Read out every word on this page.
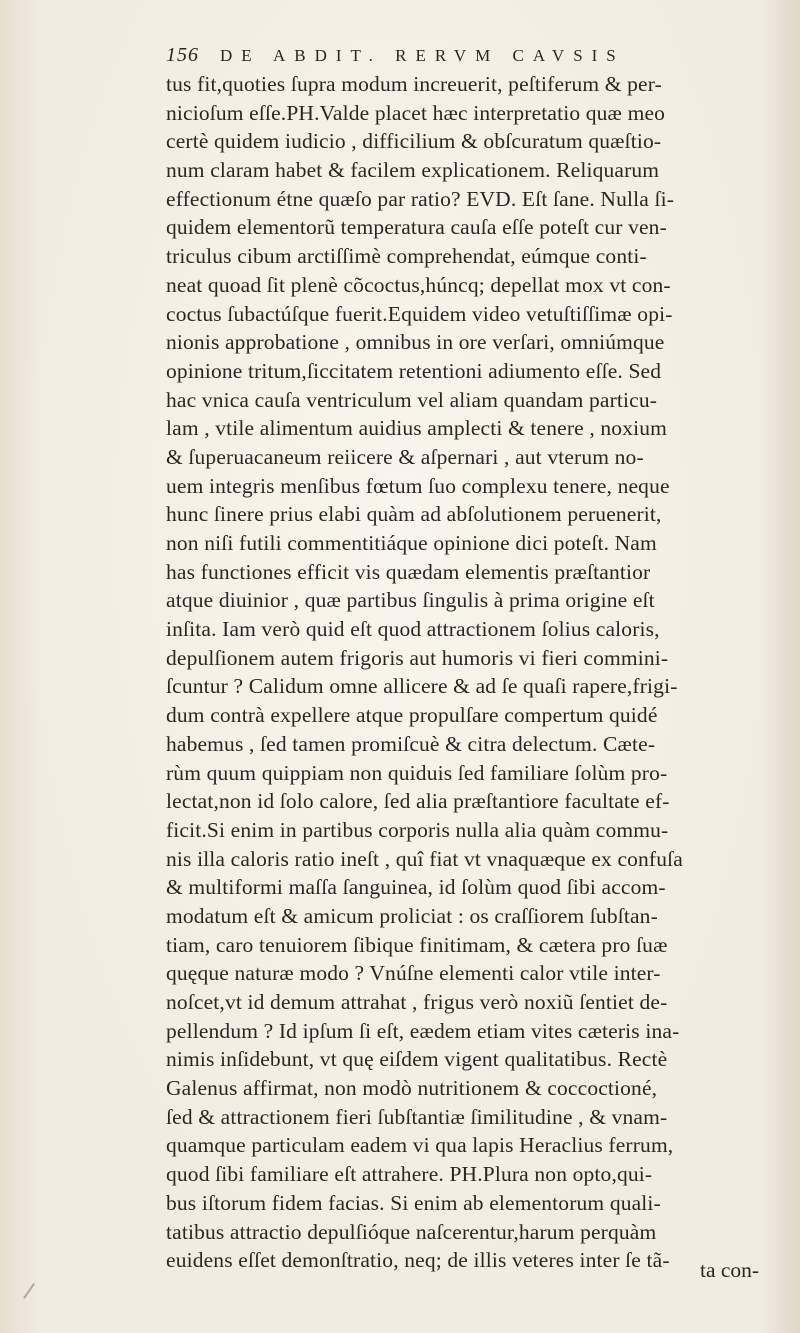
156 DE ABDIT. RERVM CAVSIS
tus fit,quoties ſupra modum increuerit, peſtiferum & per-
nicioſum eſſe.PH.Valde placet hæc interpretatio quæ meo
certè quidem iudicio , difficilium & obſcuratum quæſtio-
num claram habet & facilem explicationem. Reliquarum
effectionum étne quæſo par ratio? EVD. Eſt ſane. Nulla ſi-
quidem elementorũ temperatura cauſa eſſe poteſt cur ven-
triculus cibum arctiſſimè comprehendat, eúmque conti-
neat quoad ſit plenè cõcoctus,húncq; depellat mox vt con-
coctus ſubactúſque fuerit.Equidem video vetuſtiſſimæ opi-
nionis approbatione , omnibus in ore verſari, omniúmque
opinione tritum,ſiccitatem retentioni adiumento eſſe. Sed
hac vnica cauſa ventriculum vel aliam quandam particu-
lam , vtile alimentum auidius amplecti & tenere , noxium
& ſuperuacaneum reiicere & aſpernari , aut vterum no-
uem integris menſibus fœtum ſuo complexu tenere, neque
hunc ſinere prius elabi quàm ad abſolutionem peruenerit,
non niſi futili commentitiáque opinione dici poteſt. Nam
has functiones efficit vis quædam elementis præſtantior
atque diuinior , quæ partibus ſingulis à prima origine eſt
inſita. Iam verò quid eſt quod attractionem ſolius caloris,
depulſionem autem frigoris aut humoris vi fieri commini-
ſcuntur ? Calidum omne allicere & ad ſe quaſi rapere,frigi-
dum contrà expellere atque propulſare compertum quidé
habemus , ſed tamen promiſcuè & citra delectum. Cæte-
rùm quum quippiam non quiduis ſed familiare ſolùm pro-
lectat,non id ſolo calore, ſed alia præſtantiore facultate ef-
ficit.Si enim in partibus corporis nulla alia quàm commu-
nis illa caloris ratio ineſt , quî fiat vt vnaquæque ex confuſa
& multiformi maſſa ſanguinea, id ſolùm quod ſibi accom-
modatum eſt & amicum proliciat : os craſſiorem ſubſtan-
tiam, caro tenuiorem ſibique finitimam, & cætera pro ſuæ
quęque naturæ modo ? Vnúſne elementi calor vtile inter-
noſcet,vt id demum attrahat , frigus verò noxiũ ſentiet de-
pellendum ? Id ipſum ſi eſt, eædem etiam vites cæteris ina-
nimis inſidebunt, vt quę eiſdem vigent qualitatibus. Rectè
Galenus affirmat, non modò nutritionem & coccoctioné,
ſed & attractionem fieri ſubſtantiæ ſimilitudine , & vnam-
quamque particulam eadem vi qua lapis Heraclius ferrum,
quod ſibi familiare eſt attrahere. PH.Plura non opto,qui-
bus iſtorum fidem facias. Si enim ab elementorum quali-
tatibus attractio depulſióque naſcerentur,harum perquàm
euidens eſſet demonſtratio, neq; de illis veteres inter ſe tã-	ta con-
